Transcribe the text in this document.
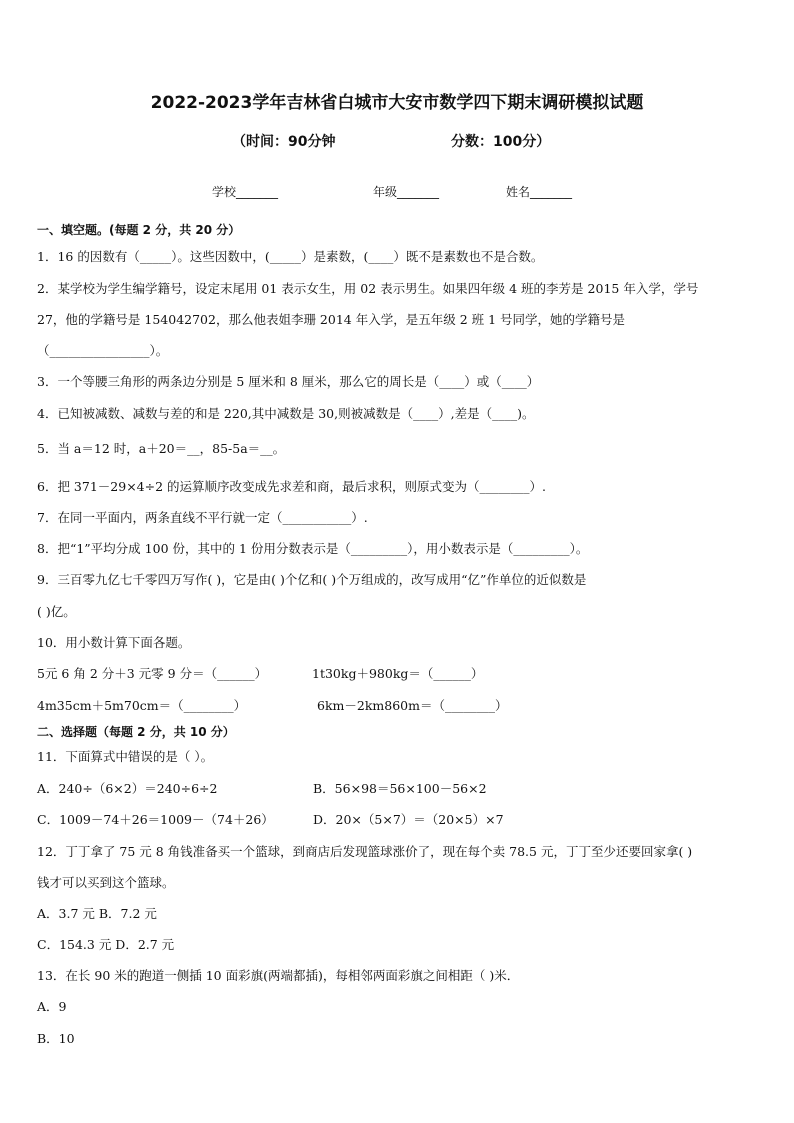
2022-2023学年吉林省白城市大安市数学四下期末调研模拟试题
（时间：90分钟	分数：100分）
学校_______	年级_______	姓名_______
一、填空题。(每题 2 分，共 20 分）
1．16 的因数有（_____）。这些因数中，(_____）是素数，(____）既不是素数也不是合数。
2．某学校为学生编学籍号，设定末尾用 01 表示女生，用 02 表示男生。如果四年级 4 班的李芳是 2015 年入学，学号
27，他的学籍号是 154042702，那么他表姐李珊 2014 年入学，是五年级 2 班 1 号同学，她的学籍号是
（________________）。
3．一个等腰三角形的两条边分别是 5 厘米和 8 厘米，那么它的周长是（____）或（____）
4．已知被减数、减数与差的和是 220,其中减数是 30,则被减数是（____）,差是（____)。
5．当 a＝12 时，a＋20＝__，85-5a＝__。
6．把 371－29×4÷2 的运算顺序改变成先求差和商，最后求积，则原式变为（________）.
7．在同一平面内，两条直线不平行就一定（___________）.
8．把“1”平均分成 100 份，其中的 1 份用分数表示是（_________），用小数表示是（_________）。
9．三百零九亿七千零四万写作( )，它是由( )个亿和( )个万组成的，改写成用“亿”作单位的近似数是
( )亿。
10．用小数计算下面各题。
5元 6 角 2 分＋3 元零 9 分＝（______）	1t30kg＋980kg＝（______）
4m35cm＋5m70cm＝（________）	6km－2km860m＝（________）
二、选择题（每题 2 分，共 10 分）
11．下面算式中错误的是（ ）。
A．240÷（6×2）＝240÷6÷2	B．56×98＝56×100－56×2
C．1009－74＋26＝1009－（74＋26）	D．20×（5×7）＝（20×5）×7
12．丁丁拿了 75 元 8 角钱准备买一个篮球，到商店后发现篮球涨价了，现在每个卖 78.5 元，丁丁至少还要回家拿( )
钱才可以买到这个篮球。
A．3.7 元 B．7.2 元
C．154.3 元 D．2.7 元
13．在长 90 米的跑道一侧插 10 面彩旗(两端都插)，每相邻两面彩旗之间相距（ )米．
A．9
B．10
